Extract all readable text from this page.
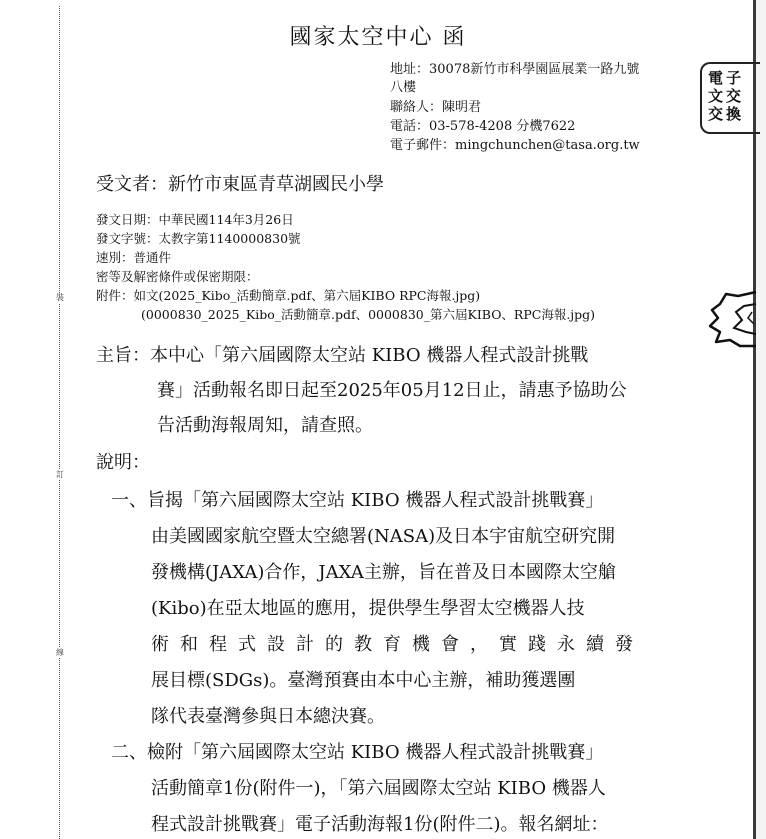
裝
訂
線
國家太空中心 函
地址：30078新竹市科學園區展業一路九號
八樓
聯絡人：陳明君
電話：03-578-4208 分機7622
電子郵件：mingchunchen@tasa.org.tw
電 子
文 交
交 換
受文者：新竹市東區青草湖國民小學
發文日期：中華民國114年3月26日
發文字號：太教字第1140000830號
速別：普通件
密等及解密條件或保密期限：
附件：如文(2025_Kibo_活動簡章.pdf、第六屆KIBO RPC海報.jpg)
(0000830_2025_Kibo_活動簡章.pdf、0000830_第六屆KIBO、RPC海報.jpg)
主旨：本中心「第六屆國際太空站 KIBO 機器人程式設計挑戰
賽」活動報名即日起至2025年05月12日止，請惠予協助公
告活動海報周知，請查照。
說明：
一、旨揭「第六屆國際太空站 KIBO 機器人程式設計挑戰賽」
由美國國家航空暨太空總署(NASA)及日本宇宙航空研究開
發機構(JAXA)合作，JAXA主辦，旨在普及日本國際太空艙
(Kibo)在亞太地區的應用，提供學生學習太空機器人技
術和程式設計的教育機會，實踐永續發
展目標(SDGs)。臺灣預賽由本中心主辦，補助獲選團
隊代表臺灣參與日本總決賽。
二、檢附「第六屆國際太空站 KIBO 機器人程式設計挑戰賽」
活動簡章1份(附件一)，「第六屆國際太空站 KIBO 機器人
程式設計挑戰賽」電子活動海報1份(附件二)。報名網址：
